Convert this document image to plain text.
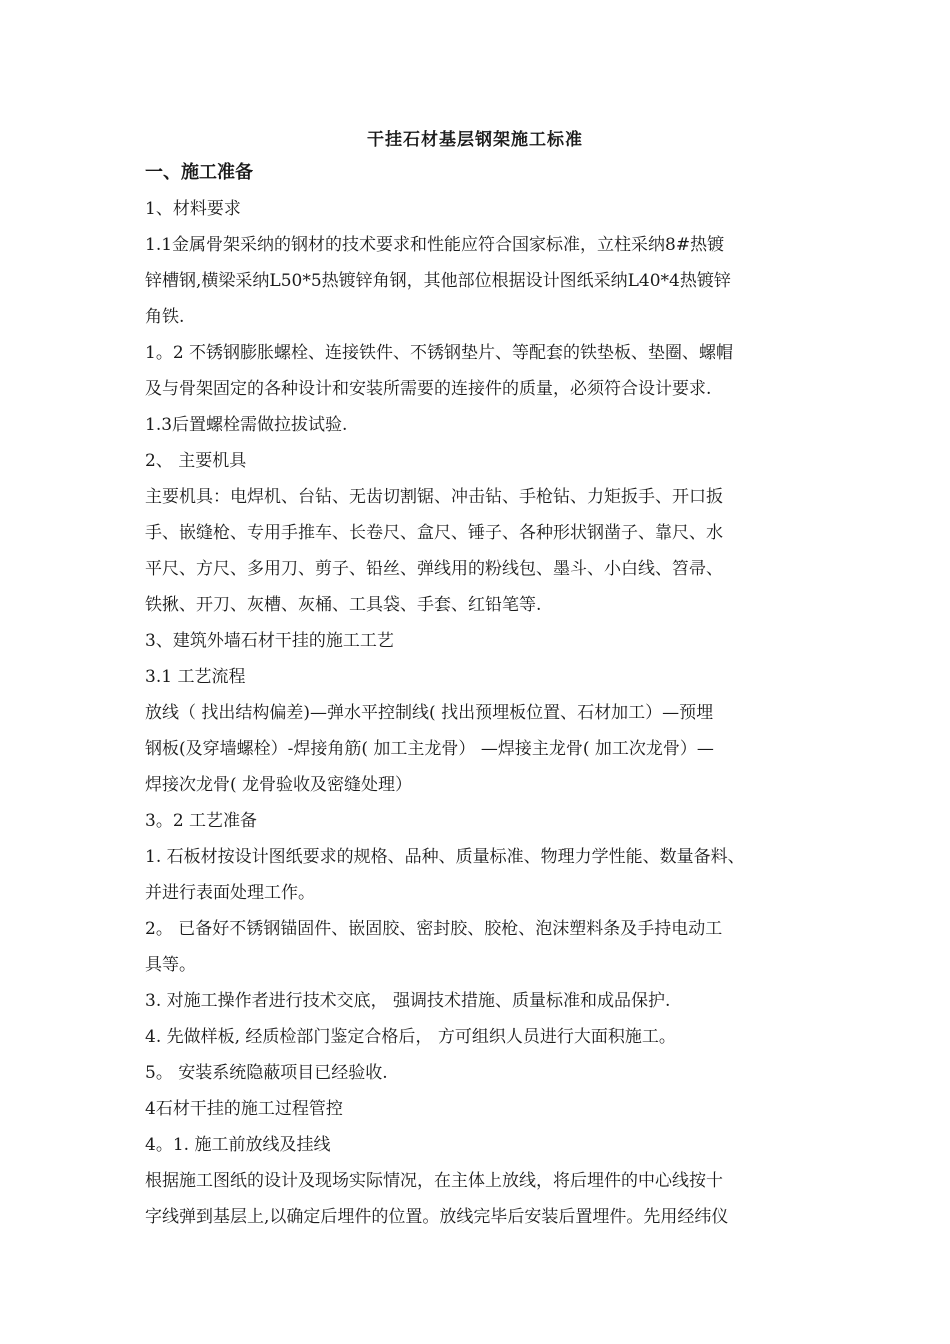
干挂石材基层钢架施工标准

一、施工准备

1、材料要求

1.1金属骨架采纳的钢材的技术要求和性能应符合国家标准，立柱采纳8#热镀

锌槽钢,横梁采纳L50*5热镀锌角钢，其他部位根据设计图纸采纳L40*4热镀锌

角铁.

1。2 不锈钢膨胀螺栓、连接铁件、不锈钢垫片、等配套的铁垫板、垫圈、螺帽

及与骨架固定的各种设计和安装所需要的连接件的质量，必须符合设计要求.

1.3后置螺栓需做拉拔试验.

2、 主要机具

主要机具：电焊机、台钻、无齿切割锯、冲击钻、手枪钻、力矩扳手、开口扳

手、嵌缝枪、专用手推车、长卷尺、盒尺、锤子、各种形状钢凿子、靠尺、水

平尺、方尺、多用刀、剪子、铅丝、弹线用的粉线包、墨斗、小白线、笤帚、

铁揪、开刀、灰槽、灰桶、工具袋、手套、红铅笔等.

3、建筑外墙石材干挂的施工工艺

3.1 工艺流程

放线（ 找出结构偏差)—弹水平控制线( 找出预埋板位置、石材加工）—预埋

钢板(及穿墙螺栓）-焊接角筋( 加工主龙骨） —焊接主龙骨( 加工次龙骨）—

焊接次龙骨( 龙骨验收及密缝处理）

3。2 工艺准备

1. 石板材按设计图纸要求的规格、品种、质量标准、物理力学性能、数量备料、

并进行表面处理工作。

2。 已备好不锈钢锚固件、嵌固胶、密封胶、胶枪、泡沫塑料条及手持电动工

具等。

3. 对施工操作者进行技术交底， 强调技术措施、质量标准和成品保护.

4. 先做样板, 经质检部门鉴定合格后， 方可组织人员进行大面积施工。

5。 安装系统隐蔽项目已经验收.

4石材干挂的施工过程管控

4。1. 施工前放线及挂线

根据施工图纸的设计及现场实际情况，在主体上放线，将后埋件的中心线按十

字线弹到基层上,以确定后埋件的位置。放线完毕后安装后置埋件。先用经纬仪
